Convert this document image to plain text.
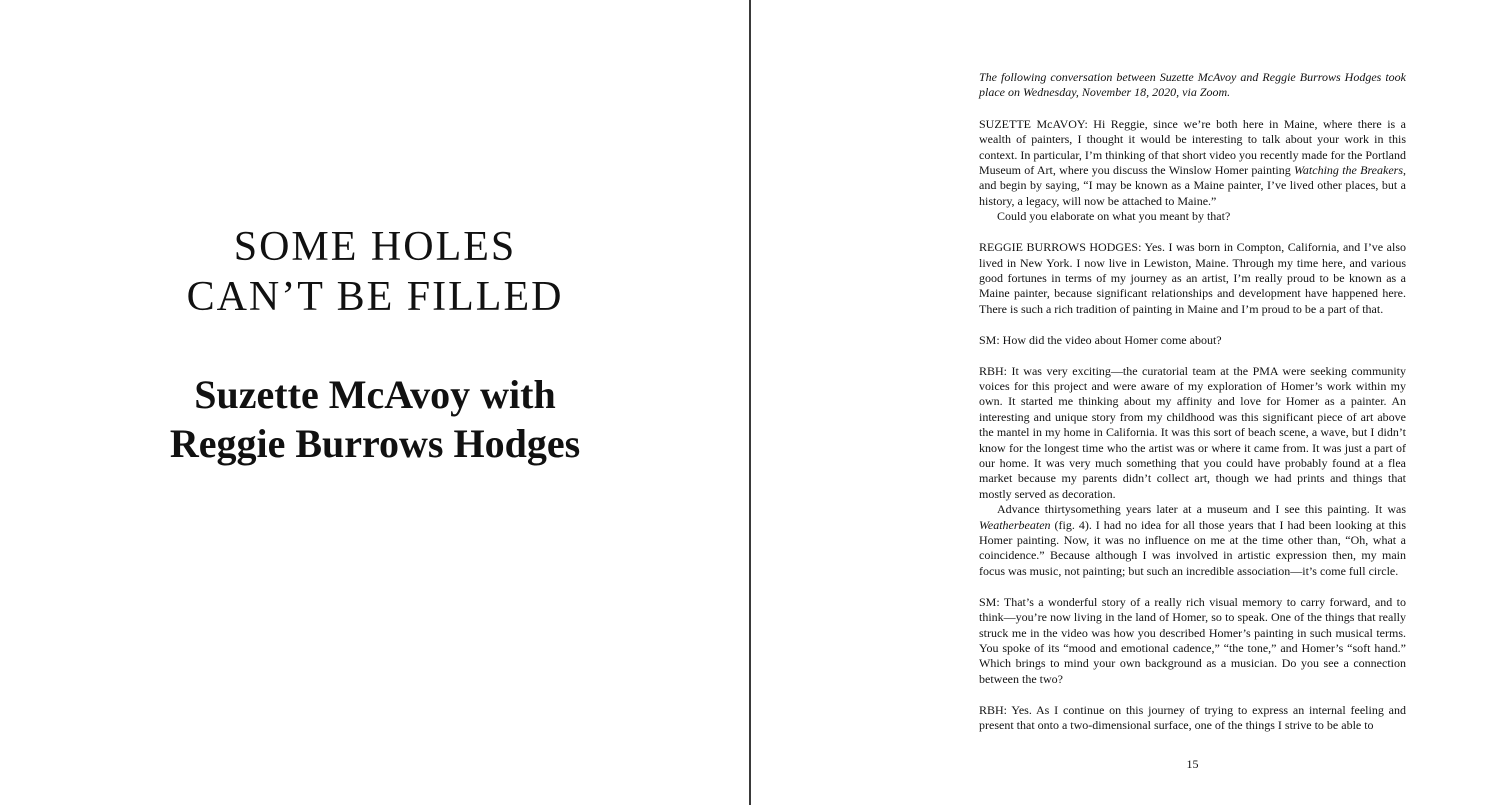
SOME HOLES
CAN’T BE FILLED
Suzette McAvoy with
Reggie Burrows Hodges

The following conversation between Suzette McAvoy and Reggie Burrows Hodges took place on Wednesday, November 18, 2020, via Zoom.

SUZETTE McAVOY: Hi Reggie, since we’re both here in Maine, where there is a wealth of painters, I thought it would be interesting to talk about your work in this context. In particular, I’m thinking of that short video you recently made for the Portland Museum of Art, where you discuss the Winslow Homer painting Watching the Breakers, and begin by saying, “I may be known as a Maine painter, I’ve lived other places, but a history, a legacy, will now be attached to Maine.”

Could you elaborate on what you meant by that?

REGGIE BURROWS HODGES: Yes. I was born in Compton, California, and I’ve also lived in New York. I now live in Lewiston, Maine. Through my time here, and various good fortunes in terms of my journey as an artist, I’m really proud to be known as a Maine painter, because significant relationships and development have happened here. There is such a rich tradition of painting in Maine and I’m proud to be a part of that.

SM: How did the video about Homer come about?

RBH: It was very exciting—the curatorial team at the PMA were seeking community voices for this project and were aware of my exploration of Homer’s work within my own. It started me thinking about my affinity and love for Homer as a painter. An interesting and unique story from my childhood was this significant piece of art above the mantel in my home in California. It was this sort of beach scene, a wave, but I didn’t know for the longest time who the artist was or where it came from. It was just a part of our home. It was very much something that you could have probably found at a flea market because my parents didn’t collect art, though we had prints and things that mostly served as decoration.

Advance thirtysomething years later at a museum and I see this painting. It was Weatherbeaten (fig. 4). I had no idea for all those years that I had been looking at this Homer painting. Now, it was no influence on me at the time other than, “Oh, what a coincidence.” Because although I was involved in artistic expression then, my main focus was music, not painting; but such an incredible association—it’s come full circle.

SM: That’s a wonderful story of a really rich visual memory to carry forward, and to think—you’re now living in the land of Homer, so to speak. One of the things that really struck me in the video was how you described Homer’s painting in such musical terms. You spoke of its “mood and emotional cadence,” “the tone,” and Homer’s “soft hand.” Which brings to mind your own background as a musician. Do you see a connection between the two?

RBH: Yes. As I continue on this journey of trying to express an internal feeling and present that onto a two-dimensional surface, one of the things I strive to be able to

15
